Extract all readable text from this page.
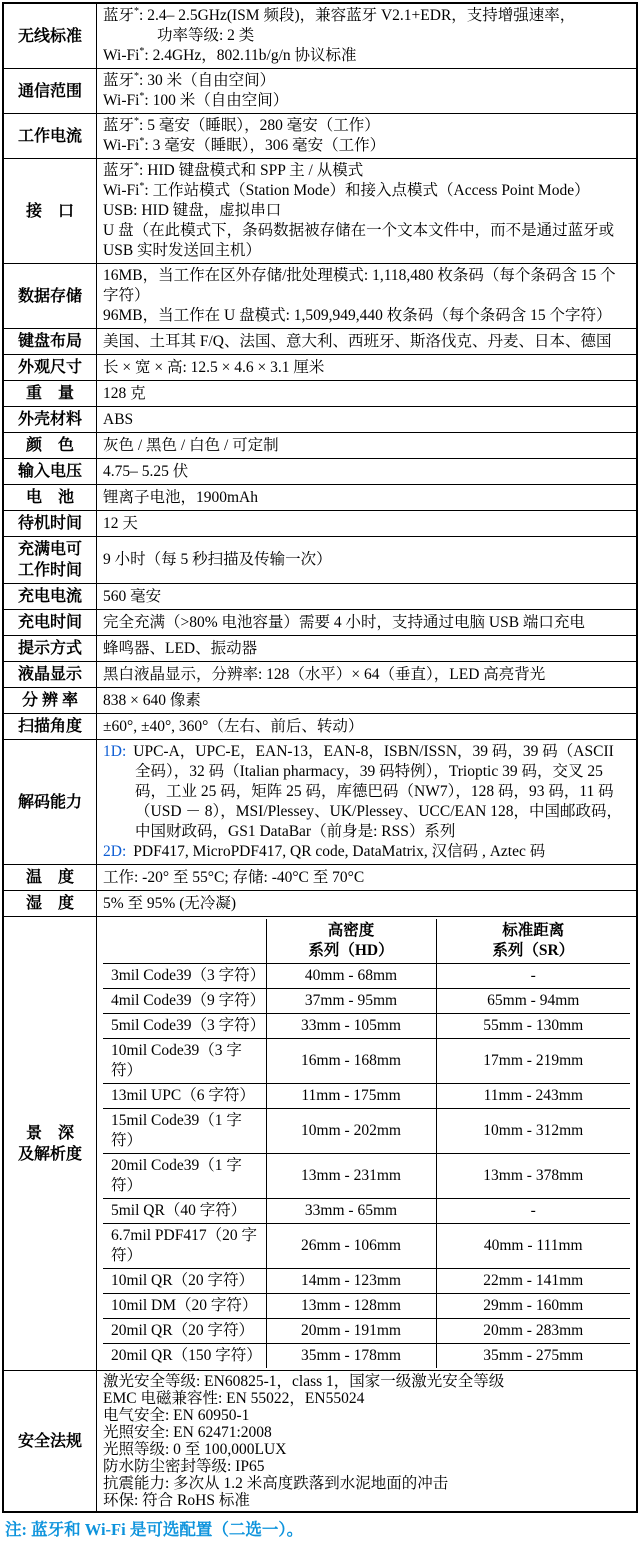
无线标准	
蓝牙*: 2.4– 2.5GHz(ISM 频段)，兼容蓝牙 V2.1+EDR，支持增强速率，
功率等级: 2 类
Wi-Fi*: 2.4GHz，802.11b/g/n 协议标准

通信范围	
蓝牙*: 30 米（自由空间）
Wi-Fi*: 100 米（自由空间）

工作电流	
蓝牙*: 5 毫安（睡眠），280 毫安（工作）
Wi-Fi*: 3 毫安（睡眠），306 毫安（工作）

接　口	
蓝牙*: HID 键盘模式和 SPP 主 / 从模式
Wi-Fi*: 工作站模式（Station Mode）和接入点模式（Access Point Mode）
USB: HID 键盘，虚拟串口
U 盘（在此模式下，条码数据被存储在一个文本文件中，而不是通过蓝牙或 USB 实时发送回主机）

数据存储	
16MB，当工作在区外存储/批处理模式: 1,118,480 枚条码（每个条码含 15 个字符）
96MB，当工作在 U 盘模式: 1,509,949,440 枚条码（每个条码含 15 个字符）

键盘布局	美国、土耳其 F/Q、法国、意大利、西班牙、斯洛伐克、丹麦、日本、德国

外观尺寸	长 × 宽 × 高: 12.5 × 4.6 × 3.1 厘米

重　量	128 克

外壳材料	ABS

颜　色	灰色 / 黑色 / 白色 / 可定制

输入电压	4.75– 5.25 伏

电　池	锂离子电池，1900mAh

待机时间	12 天

充满电可
工作时间	
9 小时（每 5 秒扫描及传输一次）

充电电流	560 毫安

充电时间	完全充满（>80% 电池容量）需要 4 小时，支持通过电脑 USB 端口充电

提示方式	蜂鸣器、LED、振动器

液晶显示	黑白液晶显示，分辨率: 128（水平）× 64（垂直），LED 高亮背光

分 辨 率	838 × 640 像素

扫描角度	±60°, ±40°, 360°（左右、前后、转动）

解码能力	
1D: UPC-A，UPC-E，EAN-13，EAN-8，ISBN/ISSN，39 码，39 码（ASCII 全码），32 码（Italian pharmacy，39 码特例），Trioptic 39 码，交叉 25 码，工业 25 码，矩阵 25 码，库德巴码（NW7），128 码，93 码，11 码（USD － 8），MSI/Plessey、UK/Plessey、UCC/EAN 128，中国邮政码，中国财政码，GS1 DataBar（前身是: RSS）系列
2D: PDF417, MicroPDF417, QR code, DataMatrix, 汉信码 , Aztec 码

温　度	工作: -20° 至 55°C; 存储: -40°C 至 70°C

湿　度	5% 至 95% (无冷凝)

景　深
及解析度	
	高密度
系列（HD）	标准距离
系列（SR）
3mil Code39（3 字符）	40mm - 68mm	-
4mil Code39（9 字符）	37mm - 95mm	65mm - 94mm
5mil Code39（3 字符）	33mm - 105mm	55mm - 130mm
10mil Code39（3 字符）	16mm - 168mm	17mm - 219mm
13mil UPC（6 字符）	11mm - 175mm	11mm - 243mm
15mil Code39（1 字符）	10mm - 202mm	10mm - 312mm
20mil Code39（1 字符）	13mm - 231mm	13mm - 378mm
5mil QR（40 字符）	33mm - 65mm	-
6.7mil PDF417（20 字符）	26mm - 106mm	40mm - 111mm
10mil QR（20 字符）	14mm - 123mm	22mm - 141mm
10mil DM（20 字符）	13mm - 128mm	29mm - 160mm
20mil QR（20 字符）	20mm - 191mm	20mm - 283mm
20mil QR（150 字符）	35mm - 178mm	35mm - 275mm

安全法规	
激光安全等级: EN60825-1，class 1，国家一级激光安全等级
EMC 电磁兼容性: EN 55022，EN55024
电气安全: EN 60950-1
光照安全: EN 62471:2008
光照等级: 0 至 100,000LUX
防水防尘密封等级: IP65
抗震能力: 多次从 1.2 米高度跌落到水泥地面的冲击
环保: 符合 RoHS 标准
注: 蓝牙和 Wi-Fi 是可选配置（二选一）。
